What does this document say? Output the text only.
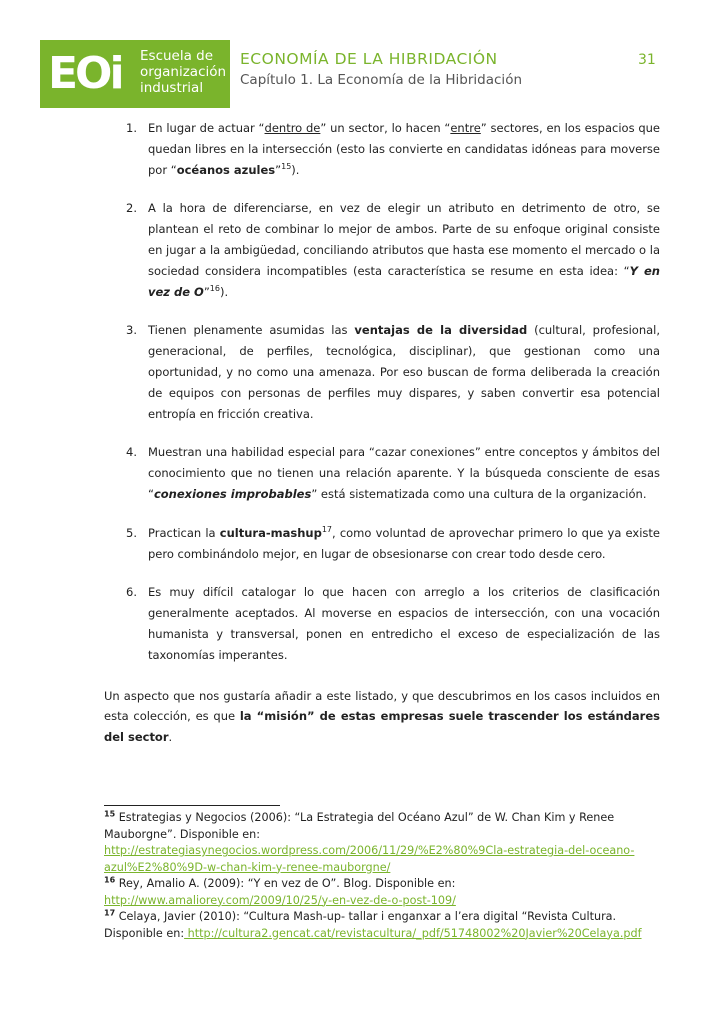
EOi Escuela de
organización
industrial
ECONOMÍA DE LA HIBRIDACIÓN
Capítulo 1. La Economía de la Hibridación
31
1. En lugar de actuar “dentro de” un sector, lo hacen “entre” sectores, en los espacios que quedan libres en la intersección (esto las convierte en candidatas idóneas para moverse por “océanos azules”$^{15}$).
2. A la hora de diferenciarse, en vez de elegir un atributo en detrimento de otro, se plantean el reto de combinar lo mejor de ambos. Parte de su enfoque original consiste en jugar a la ambigüedad, conciliando atributos que hasta ese momento el mercado o la sociedad considera incompatibles (esta característica se resume en esta idea: “Y en vez de O”$^{16}$).
3. Tienen plenamente asumidas las ventajas de la diversidad (cultural, profesional, generacional, de perfiles, tecnológica, disciplinar), que gestionan como una oportunidad, y no como una amenaza. Por eso buscan de forma deliberada la creación de equipos con personas de perfiles muy dispares, y saben convertir esa potencial entropía en fricción creativa.
4. Muestran una habilidad especial para “cazar conexiones” entre conceptos y ámbitos del conocimiento que no tienen una relación aparente. Y la búsqueda consciente de esas “conexiones improbables” está sistematizada como una cultura de la organización.
5. Practican la cultura-mashup$^{17}$, como voluntad de aprovechar primero lo que ya existe pero combinándolo mejor, en lugar de obsesionarse con crear todo desde cero.
6. Es muy difícil catalogar lo que hacen con arreglo a los criterios de clasificación generalmente aceptados. Al moverse en espacios de intersección, con una vocación humanista y transversal, ponen en entredicho el exceso de especialización de las taxonomías imperantes.

Un aspecto que nos gustaría añadir a este listado, y que descubrimos en los casos incluidos en esta colección, es que la “misión” de estas empresas suele trascender los estándares del sector.

$^{15}$ Estrategias y Negocios (2006): “La Estrategia del Océano Azul” de W. Chan Kim y Renee Mauborgne”. Disponible en: http://estrategiasynegocios.wordpress.com/2006/11/29/%E2%80%9Cla-estrategia-del-oceano-azul%E2%80%9D-w-chan-kim-y-renee-mauborgne/
$^{16}$ Rey, Amalio A. (2009): “Y en vez de O”. Blog. Disponible en:
http://www.amaliorey.com/2009/10/25/y-en-vez-de-o-post-109/
$^{17}$ Celaya, Javier (2010): “Cultura Mash-up- tallar i enganxar a l’era digital “Revista Cultura. Disponible en: http://cultura2.gencat.cat/revistacultura/_pdf/51748002%20Javier%20Celaya.pdf
